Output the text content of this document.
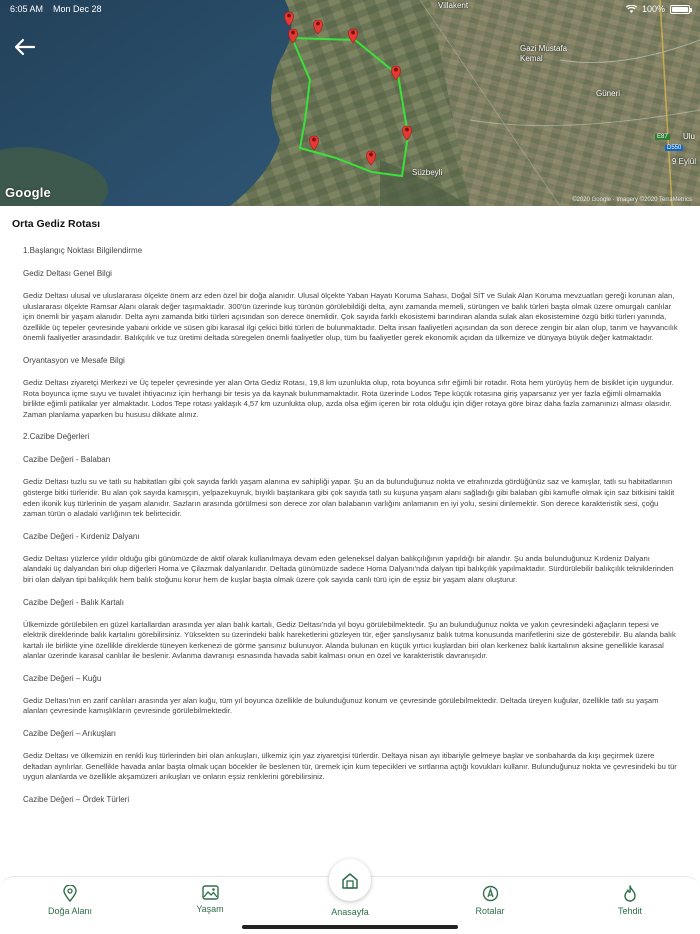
Villakent
Gazi Mustafa Kemal
Güneri
Süzbeyli
Ulu
9 Eylül
E87
D550
6:05 AM Mon Dec 28	100%
Google	©2020 Google · Imagery ©2020 TerraMetrics
Orta Gediz Rotası
1.Başlangıç Noktası Bilgilendirme
Gediz Deltası Genel Bilgi
Gediz Deltası ulusal ve uluslararası ölçekte önem arz eden özel bir doğa alanıdır. Ulusal ölçekte Yaban Hayatı Koruma Sahası, Doğal SİT ve Sulak Alan Koruma mevzuatları gereği korunan alan, uluslararası ölçekte Ramsar Alanı olarak değer taşımaktadır. 300'ün üzerinde kuş türünün görülebildiği delta, aynı zamanda memeli, sürüngen ve balık türleri başta olmak üzere omurgalı canlılar için önemli bir yaşam alanıdır. Delta aynı zamanda bitki türleri açısından son derece önemlidir. Çok sayıda farklı ekosistemi barındıran alanda sulak alan ekosistemine özgü bitki türleri yanında, özellikle üç tepeler çevresinde yabani orkide ve süsen gibi karasal ilgi çekici bitki türleri de bulunmaktadır. Delta insan faaliyetleri açısından da son derece zengin bir alan olup, tarım ve hayvancılık önemli faaliyetler arasındadır. Balıkçılık ve tuz üretimi deltada süregelen önemli faaliyetler olup, tüm bu faaliyetler gerek ekonomik açıdan da ülkemize ve dünyaya büyük değer katmaktadır.
Oryantasyon ve Mesafe Bilgi
Gediz Deltası ziyaretçi Merkezi ve Üç tepeler çevresinde yer alan Orta Gediz Rotası, 19,8 km uzunlukta olup, rota boyunca sıfır eğimli bir rotadır. Rota hem yürüyüş hem de bisiklet için uygundur. Rota boyunca içme suyu ve tuvalet ihtiyacınız için herhangi bir tesis ya da kaynak bulunmamaktadır. Rota üzerinde Lodos Tepe küçük rotasına giriş yaparsanız yer yer fazla eğimli olmamakla birlikte eğimli patikalar yer almaktadır. Lodos Tepe rotası yaklaşık 4,57 km uzunlukta olup, azda olsa eğim içeren bir rota olduğu için diğer rotaya göre biraz daha fazla zamanınızı alması olasıdır. Zaman planlama yaparken bu hususu dikkate alınız.
2.Cazibe Değerleri
Cazibe Değeri - Balaban
Gediz Deltası tuzlu su ve tatlı su habitatları gibi çok sayıda farklı yaşam alanına ev sahipliği yapar. Şu an da bulunduğunuz nokta ve etrafınızda gördüğünüz saz ve kamışlar, tatlı su habitatlarının gösterge bitki türleridir. Bu alan çok sayıda kamışçın, yelpazekuyruk, bıyıklı baştankara gibi çok sayıda tatlı su kuşuna yaşam alanı sağladığı gibi balaban gibi kamufle olmak için saz bitkisini taklit eden ikonik kuş türlerinin de yaşam alanıdır. Sazların arasında görülmesi son derece zor olan balabanın varlığını anlamanın en iyi yolu, sesini dinlemektir. Son derece karakteristik sesi, çoğu zaman türün o aladaki varlığının tek belirtecidir.
Cazibe Değeri - Kırdeniz Dalyanı
Gediz Deltası yüzlerce yıldır olduğu gibi günümüzde de aktif olarak kullanılmaya devam eden geleneksel dalyan balıkçılığının yapıldığı bir alandır. Şu anda bulunduğunuz Kırdeniz Dalyanı alandaki üç dalyandan biri olup diğerleri Homa ve Çilazmak dalyanlarıdır. Deltada günümüzde sadece Homa Dalyanı'nda dalyan tipi balıkçılık yapılmaktadır. Sürdürülebilir balıkçılık tekniklerinden biri olan dalyan tipi balıkçılık hem balık stoğunu korur hem de kuşlar başta olmak üzere çok sayıda canlı türü için de eşsiz bir yaşam alanı oluşturur.
Cazibe Değeri - Balık Kartalı
Ülkemizde görülebilen en güzel kartallardan arasında yer alan balık kartalı, Gediz Deltası'nda yıl boyu görülebilmektedir. Şu an bulunduğunuz nokta ve yakın çevresindeki ağaçların tepesi ve elektrik direklerinde balık kartalını görebilirsiniz. Yüksekten su üzerindeki balık hareketlerini gözleyen tür, eğer şanslıysanız balık tutma konusunda marifetlerini size de gösterebilir. Bu alanda balık kartalı ile birlikte yine özellikle direklerde tüneyen kerkenezi de görme şansınız bulunuyor. Alanda bulunan en küçük yırtıcı kuşlardan biri olan kerkenez balık kartalının aksine genellikle karasal alanlar üzerinde karasal canlılar ile beslenir. Avlanma davranışı esnasında havada sabit kalması onun en özel ve karakteristik davranışıdır.
Cazibe Değeri – Kuğu
Gediz Deltası'nın en zarif canlıları arasında yer alan kuğu, tüm yıl boyunca özellikle de bulunduğunuz konum ve çevresinde görülebilmektedir. Deltada üreyen kuğular, özellikle tatlı su yaşam alanları çevresinde kamışlıkların çevresinde görülebilmektedir.
Cazibe Değeri – Arıkuşları
Gediz Deltası ve ülkemizin en renkli kuş türlerinden biri olan arıkuşları, ülkemiz için yaz ziyaretçisi türlerdir. Deltaya nisan ayı itibariyle gelmeye başlar ve sonbaharda da kışı geçirmek üzere deltadan ayrılırlar. Genellikle havada anlar başta olmak uçan böcekler ile beslenen tür, üremek için kum tepecikleri ve sırtlarına açtığı kovukları kullanır. Bulunduğunuz nokta ve çevresindeki bu tür uygun alanlarda ve özellikle akşamüzeri arıkuşları ve onların eşsiz renklerini görebilirsiniz.
Cazibe Değeri – Ördek Türleri
Doğa Alanı	Yaşam	Anasayfa	Rotalar	Tehdit
